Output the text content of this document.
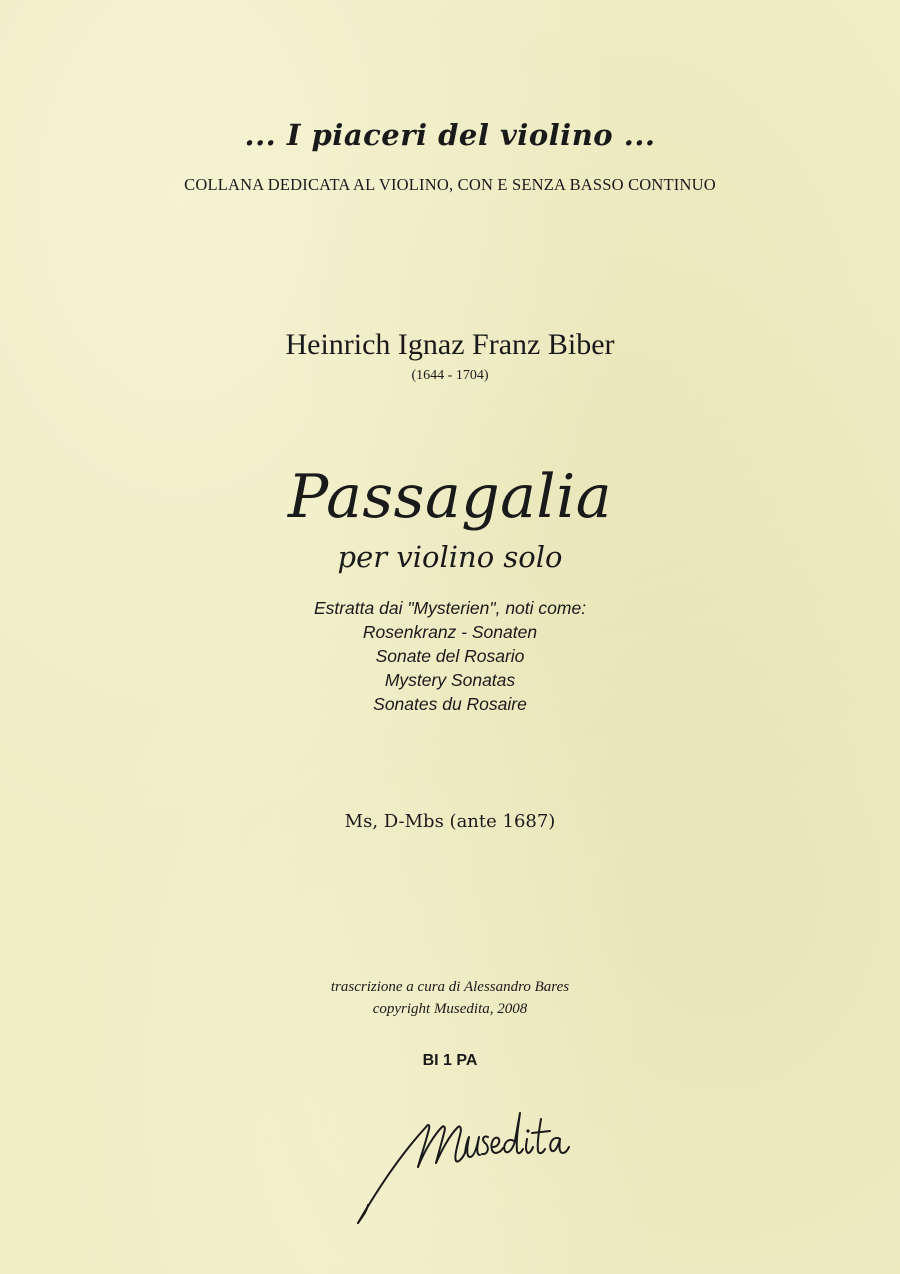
... I piaceri del violino ...
COLLANA DEDICATA AL VIOLINO, CON E SENZA BASSO CONTINUO
Heinrich Ignaz Franz Biber
(1644 - 1704)
Passagalia
per violino solo
Estratta dai "Mysterien", noti come:
Rosenkranz - Sonaten
Sonate del Rosario
Mystery Sonatas
Sonates du Rosaire
Ms, D-Mbs (ante 1687)
trascrizione a cura di Alessandro Bares
copyright Musedita, 2008
BI 1 PA
